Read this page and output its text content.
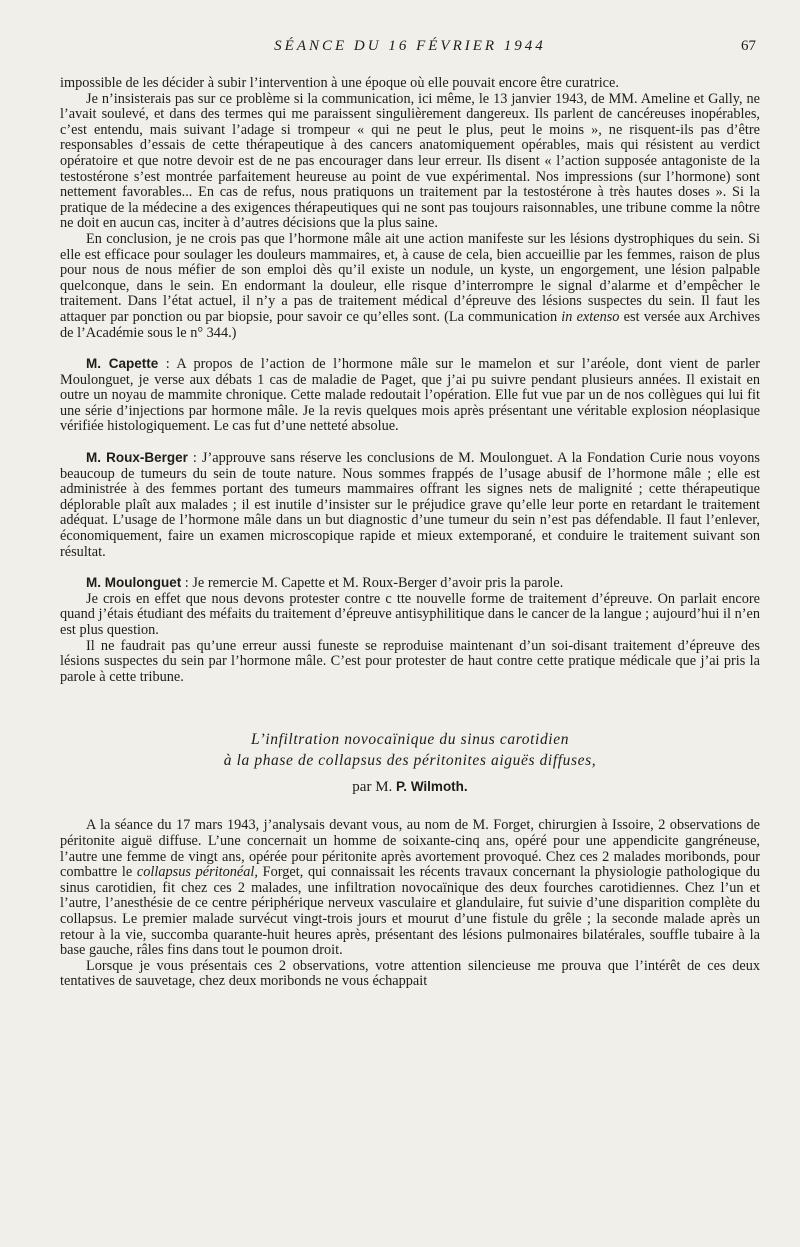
SÉANCE DU 16 FÉVRIER 1944	67

impossible de les décider à subir l’intervention à une époque où elle pouvait encore être curatrice.

Je n’insisterais pas sur ce problème si la communication, ici même, le 13 janvier 1943, de MM. Ameline et Gally, ne l’avait soulevé, et dans des termes qui me paraissent singulièrement dangereux. Ils parlent de cancéreuses inopérables, c’est entendu, mais suivant l’adage si trompeur « qui ne peut le plus, peut le moins », ne risquent-ils pas d’être responsables d’essais de cette thérapeutique à des cancers anatomiquement opérables, mais qui résistent au verdict opératoire et que notre devoir est de ne pas encourager dans leur erreur. Ils disent « l’action supposée antagoniste de la testostérone s’est montrée parfaitement heureuse au point de vue expérimental. Nos impressions (sur l’hormone) sont nettement favorables... En cas de refus, nous pratiquons un traitement par la testostérone à très hautes doses ». Si la pratique de la médecine a des exigences thérapeutiques qui ne sont pas toujours raisonnables, une tribune comme la nôtre ne doit en aucun cas, inciter à d’autres décisions que la plus saine.

En conclusion, je ne crois pas que l’hormone mâle ait une action manifeste sur les lésions dystrophiques du sein. Si elle est efficace pour soulager les douleurs mammaires, et, à cause de cela, bien accueillie par les femmes, raison de plus pour nous de nous méfier de son emploi dès qu’il existe un nodule, un kyste, un engorgement, une lésion palpable quelconque, dans le sein. En endormant la douleur, elle risque d’interrompre le signal d’alarme et d’empêcher le traitement. Dans l’état actuel, il n’y a pas de traitement médical d’épreuve des lésions suspectes du sein. Il faut les attaquer par ponction ou par biopsie, pour savoir ce qu’elles sont. (La communication in extenso est versée aux Archives de l’Académie sous le n° 344.)

M. Capette : A propos de l’action de l’hormone mâle sur le mamelon et sur l’aréole, dont vient de parler Moulonguet, je verse aux débats 1 cas de maladie de Paget, que j’ai pu suivre pendant plusieurs années. Il existait en outre un noyau de mammite chronique. Cette malade redoutait l’opération. Elle fut vue par un de nos collègues qui lui fit une série d’injections par hormone mâle. Je la revis quelques mois après présentant une véritable explosion néoplasique vérifiée histologiquement. Le cas fut d’une netteté absolue.

M. Roux-Berger : J’approuve sans réserve les conclusions de M. Moulonguet. A la Fondation Curie nous voyons beaucoup de tumeurs du sein de toute nature. Nous sommes frappés de l’usage abusif de l’hormone mâle ; elle est administrée à des femmes portant des tumeurs mammaires offrant les signes nets de malignité ; cette thérapeutique déplorable plaît aux malades ; il est inutile d’insister sur le préjudice grave qu’elle leur porte en retardant le traitement adéquat. L’usage de l’hormone mâle dans un but diagnostic d’une tumeur du sein n’est pas défendable. Il faut l’enlever, économiquement, faire un examen microscopique rapide et mieux extemporané, et conduire le traitement suivant son résultat.

M. Moulonguet : Je remercie M. Capette et M. Roux-Berger d’avoir pris la parole.

Je crois en effet que nous devons protester contre c tte nouvelle forme de traitement d’épreuve. On parlait encore quand j’étais étudiant des méfaits du traitement d’épreuve antisyphilitique dans le cancer de la langue ; aujourd’hui il n’en est plus question.

Il ne faudrait pas qu’une erreur aussi funeste se reproduise maintenant d’un soi-disant traitement d’épreuve des lésions suspectes du sein par l’hormone mâle. C’est pour protester de haut contre cette pratique médicale que j’ai pris la parole à cette tribune.

L’infiltration novocaïnique du sinus carotidien
à la phase de collapsus des péritonites aiguës diffuses,
par M. P. Wilmoth.

A la séance du 17 mars 1943, j’analysais devant vous, au nom de M. Forget, chirurgien à Issoire, 2 observations de péritonite aiguë diffuse. L’une concernait un homme de soixante-cinq ans, opéré pour une appendicite gangréneuse, l’autre une femme de vingt ans, opérée pour péritonite après avortement provoqué. Chez ces 2 malades moribonds, pour combattre le collapsus péritonéal, Forget, qui connaissait les récents travaux concernant la physiologie pathologique du sinus carotidien, fit chez ces 2 malades, une infiltration novocaïnique des deux fourches carotidiennes. Chez l’un et l’autre, l’anesthésie de ce centre périphérique nerveux vasculaire et glandulaire, fut suivie d’une disparition complète du collapsus. Le premier malade survécut vingt-trois jours et mourut d’une fistule du grêle ; la seconde malade après un retour à la vie, succomba quarante-huit heures après, présentant des lésions pulmonaires bilatérales, souffle tubaire à la base gauche, râles fins dans tout le poumon droit.

Lorsque je vous présentais ces 2 observations, votre attention silencieuse me prouva que l’intérêt de ces deux tentatives de sauvetage, chez deux moribonds ne vous échappait
